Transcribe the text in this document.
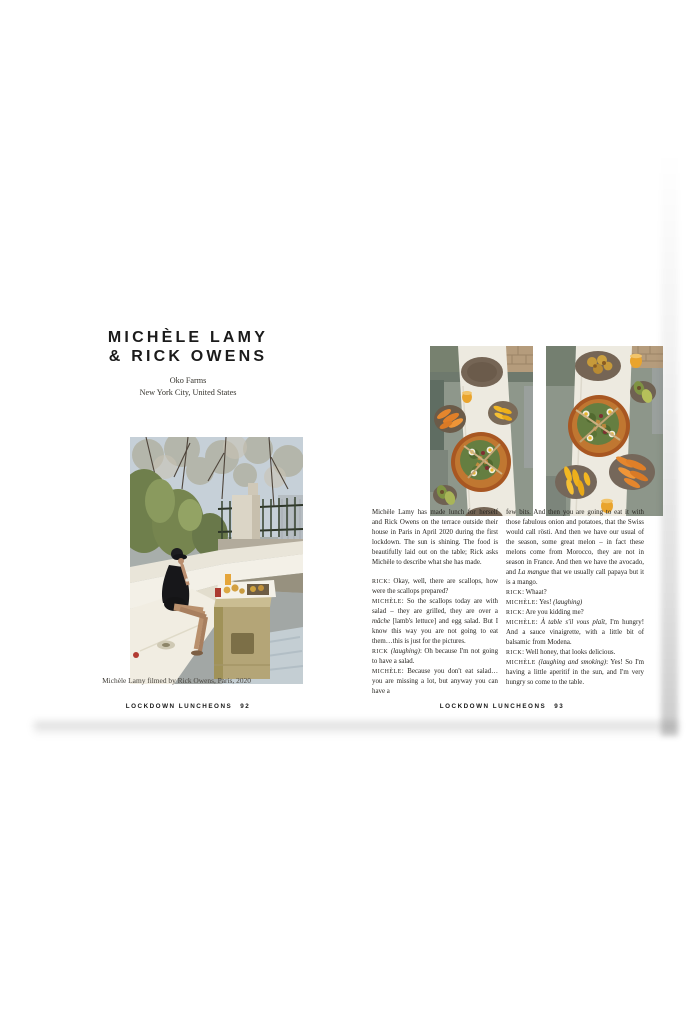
MICHÈLE LAMY
& RICK OWENS
Oko Farms
New York City, United States
Michèle Lamy filmed by Rick Owens, Paris, 2020
LOCKDOWN LUNCHEONS 92

Michèle Lamy has made lunch for herself and Rick Owens on the terrace outside their house in Paris in April 2020 during the first lockdown. The sun is shining. The food is beautifully laid out on the table; Rick asks Michèle to describe what she has made.

RICK: Okay, well, there are scallops, how were the scallops prepared?

MICHÈLE: So the scallops today are with salad – they are grilled, they are over a mâche [lamb's lettuce] and egg salad. But I know this way you are not going to eat them…this is just for the pictures.

RICK (laughing): Oh because I'm not going to have a salad.

MICHÈLE: Because you don't eat salad…you are missing a lot, but anyway you can have a

few bits. And then you are going to eat it with those fabulous onion and potatoes, that the Swiss would call rösti. And then we have our usual of the season, some great melon – in fact these melons come from Morocco, they are not in season in France. And then we have the avocado, and La mangue that we usually call papaya but it is a mango.

RICK: Whaat?

MICHÈLE: Yes! (laughing)

RICK: Are you kidding me?

MICHÈLE: À table s'il vous plaît, I'm hungry! And a sauce vinaigrette, with a little bit of balsamic from Modena.

RICK: Well honey, that looks delicious.

MICHÈLE (laughing and smoking): Yes! So I'm having a little aperitif in the sun, and I'm very hungry so come to the table.

LOCKDOWN LUNCHEONS 93
